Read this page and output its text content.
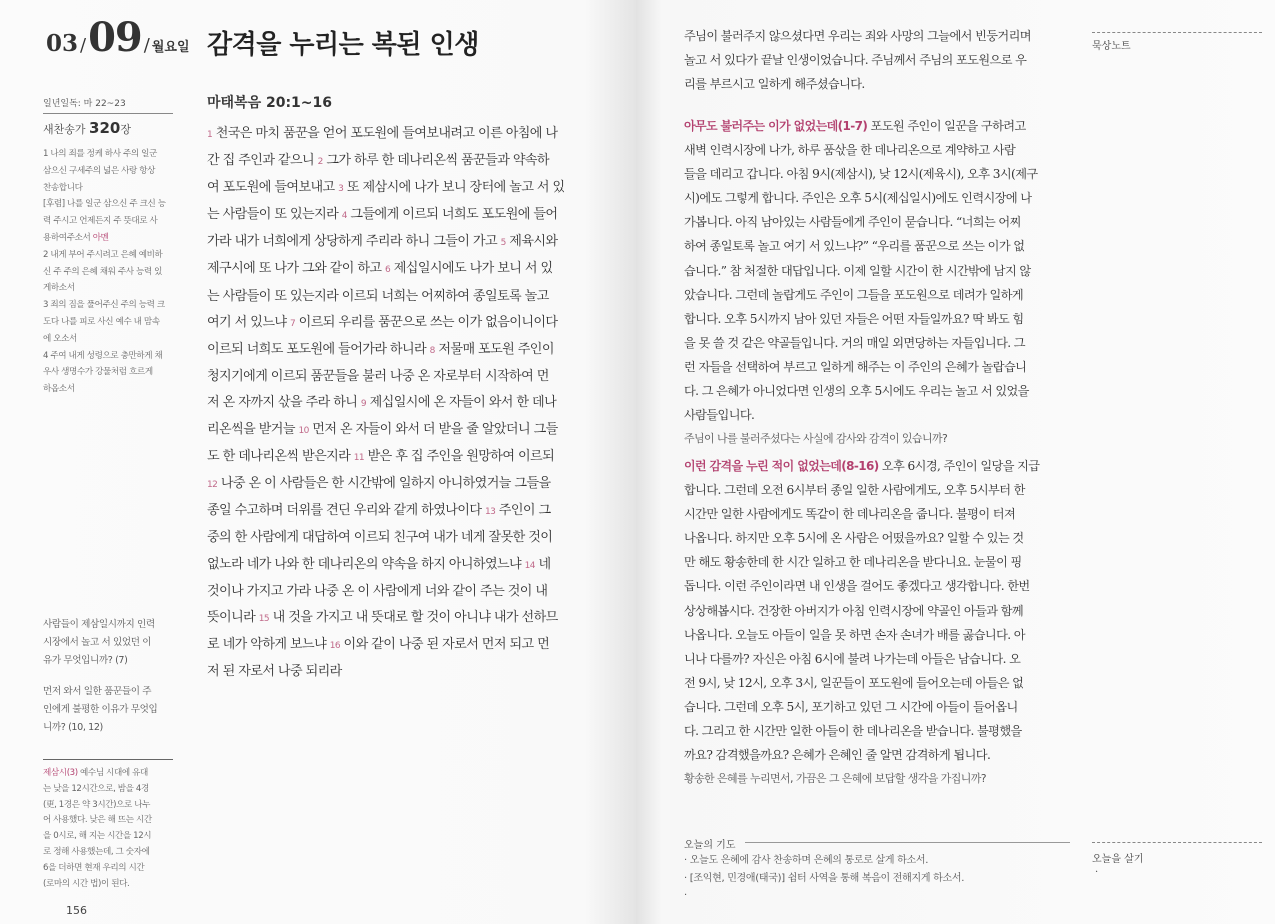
03 /09 / 월요일 감격을 누리는 복된 인생
일년일독: 마 22~23
새찬송가 320장
1 나의 죄를 정케 하사 주의 일군
삼으신 구세주의 넓은 사랑 항상
찬송합니다
[후렴] 나를 일군 삼으신 주 크신 능
력 주시고 언제든지 주 뜻대로 사
용하여주소서 아멘
2 내게 부어 주시려고 은혜 예비하
신 주 주의 은혜 채워 주사 능력 있
게하소서
3 죄의 짐을 풀어주신 주의 능력 크
도다 나를 피로 사신 예수 내 맘속
에 오소서
4 주여 내게 성령으로 충만하게 채
우사 생명수가 강물처럼 흐르게
하옵소서
사람들이 제삼일시까지 인력
시장에서 놀고 서 있었던 이
유가 무엇입니까? (7)
먼저 와서 일한 품꾼들이 주
인에게 불평한 이유가 무엇입
니까? (10, 12)
제삼시(3) 예수님 시대에 유대
는 낮을 12시간으로, 밤을 4경
(更, 1경은 약 3시간)으로 나누
어 사용했다. 낮은 해 뜨는 시간
을 0시로, 해 지는 시간을 12시
로 정해 사용했는데, 그 숫자에
6을 더하면 현재 우리의 시간
(로마의 시간 법)이 된다.
156
마태복음 20:1~16
1 천국은 마치 품꾼을 얻어 포도원에 들여보내려고 이른 아침에 나
간 집 주인과 같으니 2 그가 하루 한 데나리온씩 품꾼들과 약속하
여 포도원에 들여보내고 3 또 제삼시에 나가 보니 장터에 놀고 서 있
는 사람들이 또 있는지라 4 그들에게 이르되 너희도 포도원에 들어
가라 내가 너희에게 상당하게 주리라 하니 그들이 가고 5 제육시와
제구시에 또 나가 그와 같이 하고 6 제십일시에도 나가 보니 서 있
는 사람들이 또 있는지라 이르되 너희는 어찌하여 종일토록 놀고
여기 서 있느냐 7 이르되 우리를 품꾼으로 쓰는 이가 없음이니이다
이르되 너희도 포도원에 들어가라 하니라 8 저물매 포도원 주인이
청지기에게 이르되 품꾼들을 불러 나중 온 자로부터 시작하여 먼
저 온 자까지 삯을 주라 하니 9 제십일시에 온 자들이 와서 한 데나
리온씩을 받거늘 10 먼저 온 자들이 와서 더 받을 줄 알았더니 그들
도 한 데나리온씩 받은지라 11 받은 후 집 주인을 원망하여 이르되
12 나중 온 이 사람들은 한 시간밖에 일하지 아니하였거늘 그들을
종일 수고하며 더위를 견딘 우리와 같게 하였나이다 13 주인이 그
중의 한 사람에게 대답하여 이르되 친구여 내가 네게 잘못한 것이
없노라 네가 나와 한 데나리온의 약속을 하지 아니하였느냐 14 네
것이나 가지고 가라 나중 온 이 사람에게 너와 같이 주는 것이 내
뜻이니라 15 내 것을 가지고 내 뜻대로 할 것이 아니냐 내가 선하므
로 네가 악하게 보느냐 16 이와 같이 나중 된 자로서 먼저 되고 먼
저 된 자로서 나중 되리라
묵상노트
주님이 불러주지 않으셨다면 우리는 죄와 사망의 그늘에서 빈둥거리며
놀고 서 있다가 끝날 인생이었습니다. 주님께서 주님의 포도원으로 우
리를 부르시고 일하게 해주셨습니다.
아무도 불러주는 이가 없었는데(1-7) 포도원 주인이 일꾼을 구하려고
새벽 인력시장에 나가, 하루 품삯을 한 데나리온으로 계약하고 사람
들을 데리고 갑니다. 아침 9시(제삼시), 낮 12시(제육시), 오후 3시(제구
시)에도 그렇게 합니다. 주인은 오후 5시(제십일시)에도 인력시장에 나
가봅니다. 아직 남아있는 사람들에게 주인이 묻습니다. “너희는 어찌
하여 종일토록 놀고 여기 서 있느냐?” “우리를 품꾼으로 쓰는 이가 없
습니다.” 참 처절한 대답입니다. 이제 일할 시간이 한 시간밖에 남지 않
았습니다. 그런데 놀랍게도 주인이 그들을 포도원으로 데려가 일하게
합니다. 오후 5시까지 남아 있던 자들은 어떤 자들일까요? 딱 봐도 힘
을 못 쓸 것 같은 약골들입니다. 거의 매일 외면당하는 자들입니다. 그
런 자들을 선택하여 부르고 일하게 해주는 이 주인의 은혜가 놀랍습니
다. 그 은혜가 아니었다면 인생의 오후 5시에도 우리는 놀고 서 있었을
사람들입니다.
주님이 나를 불러주셨다는 사실에 감사와 감격이 있습니까?
이런 감격을 누린 적이 없었는데(8-16) 오후 6시경, 주인이 일당을 지급
합니다. 그런데 오전 6시부터 종일 일한 사람에게도, 오후 5시부터 한
시간만 일한 사람에게도 똑같이 한 데나리온을 줍니다. 불평이 터져
나옵니다. 하지만 오후 5시에 온 사람은 어떴을까요? 일할 수 있는 것
만 해도 황송한데 한 시간 일하고 한 데나리온을 받다니요. 눈물이 핑
돕니다. 이런 주인이라면 내 인생을 걸어도 좋겠다고 생각합니다. 한번
상상해봅시다. 건장한 아버지가 아침 인력시장에 약골인 아들과 함께
나옵니다. 오늘도 아들이 일을 못 하면 손자 손녀가 배를 곯습니다. 아
니나 다를까? 자신은 아침 6시에 불려 나가는데 아들은 남습니다. 오
전 9시, 낮 12시, 오후 3시, 일꾼들이 포도원에 들어오는데 아들은 없
습니다. 그런데 오후 5시, 포기하고 있던 그 시간에 아들이 들어옵니
다. 그리고 한 시간만 일한 아들이 한 데나리온을 받습니다. 불평했을
까요? 감격했을까요? 은혜가 은혜인 줄 알면 감격하게 됩니다.
황송한 은혜를 누리면서, 가끔은 그 은혜에 보답할 생각을 가집니까?
오늘의 기도
· 오늘도 은혜에 감사 찬송하며 은혜의 통로로 살게 하소서.
· [조익현, 민경애(태국)] 쉼터 사역을 통해 복음이 전해지게 하소서.
·
오늘을 살기
·
